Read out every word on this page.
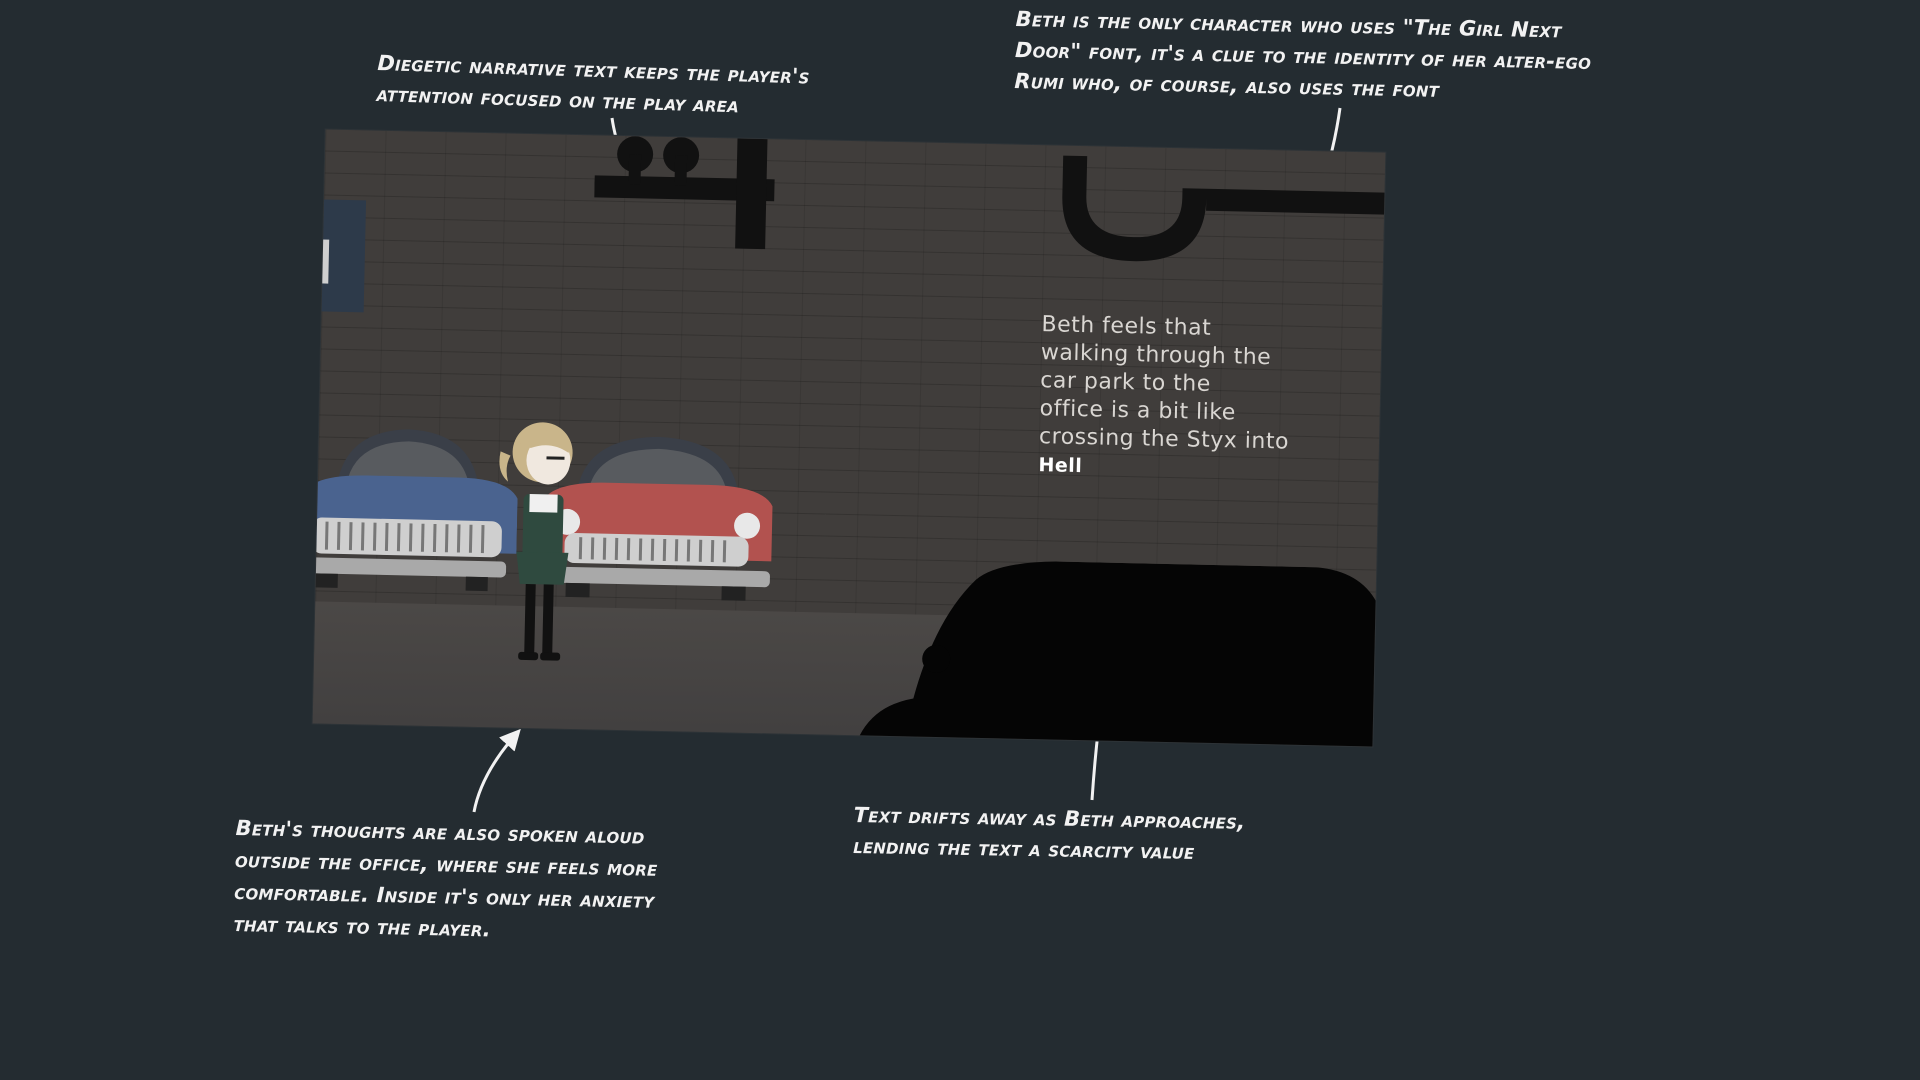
Beth feels that
walking through the
car park to the
office is a bit like
crossing the Styx into
Hell
Diegetic narrative text keeps the player's
attention focused on the play area
Beth is the only character who uses "The Girl Next
Door" font, it's a clue to the identity of her alter-ego
Rumi who, of course, also uses the font
Beth's thoughts are also spoken aloud
outside the office, where she feels more
comfortable. Inside it's only her anxiety
that talks to the player.
Text drifts away as Beth approaches,
lending the text a scarcity value
